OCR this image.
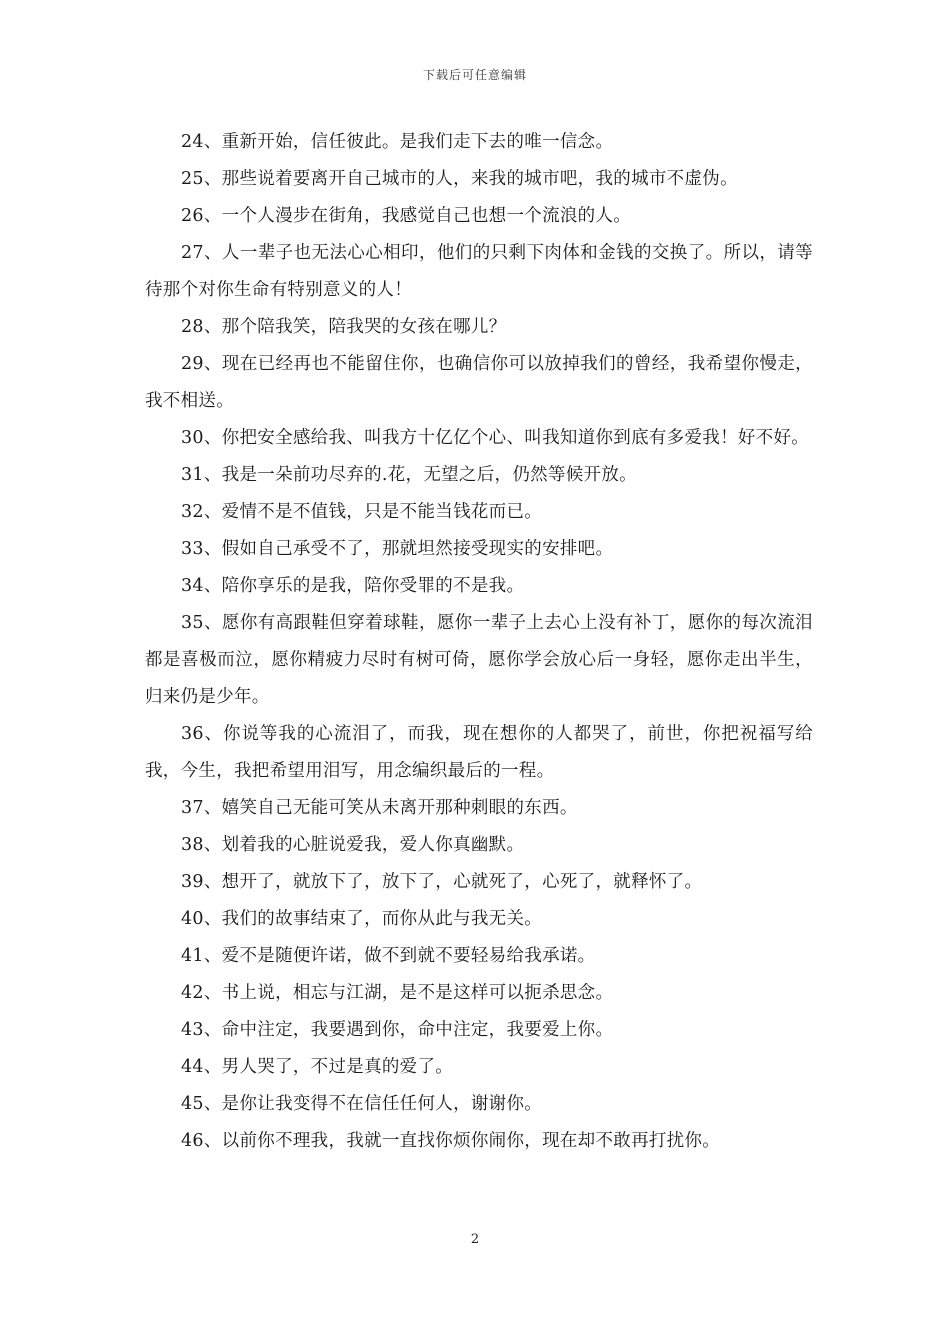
下载后可任意编辑

24、重新开始，信任彼此。是我们走下去的唯一信念。

25、那些说着要离开自己城市的人，来我的城市吧，我的城市不虚伪。

26、一个人漫步在街角，我感觉自己也想一个流浪的人。

27、人一辈子也无法心心相印，他们的只剩下肉体和金钱的交换了。所以，请等待那个对你生命有特别意义的人！

28、那个陪我笑，陪我哭的女孩在哪儿？

29、现在已经再也不能留住你，也确信你可以放掉我们的曾经，我希望你慢走，我不相送。

30、你把安全感给我、叫我方十亿亿个心、叫我知道你到底有多爱我！好不好。

31、我是一朵前功尽弃的.花，无望之后，仍然等候开放。

32、爱情不是不值钱，只是不能当钱花而已。

33、假如自己承受不了，那就坦然接受现实的安排吧。

34、陪你享乐的是我，陪你受罪的不是我。

35、愿你有高跟鞋但穿着球鞋，愿你一辈子上去心上没有补丁，愿你的每次流泪都是喜极而泣，愿你精疲力尽时有树可倚，愿你学会放心后一身轻，愿你走出半生，归来仍是少年。

36、你说等我的心流泪了，而我，现在想你的人都哭了，前世，你把祝福写给我，今生，我把希望用泪写，用念编织最后的一程。

37、嬉笑自己无能可笑从未离开那种刺眼的东西。

38、划着我的心脏说爱我，爱人你真幽默。

39、想开了，就放下了，放下了，心就死了，心死了，就释怀了。

40、我们的故事结束了，而你从此与我无关。

41、爱不是随便许诺，做不到就不要轻易给我承诺。

42、书上说，相忘与江湖，是不是这样可以扼杀思念。

43、命中注定，我要遇到你，命中注定，我要爱上你。

44、男人哭了，不过是真的爱了。

45、是你让我变得不在信任任何人，谢谢你。

46、以前你不理我，我就一直找你烦你闹你，现在却不敢再打扰你。

2
